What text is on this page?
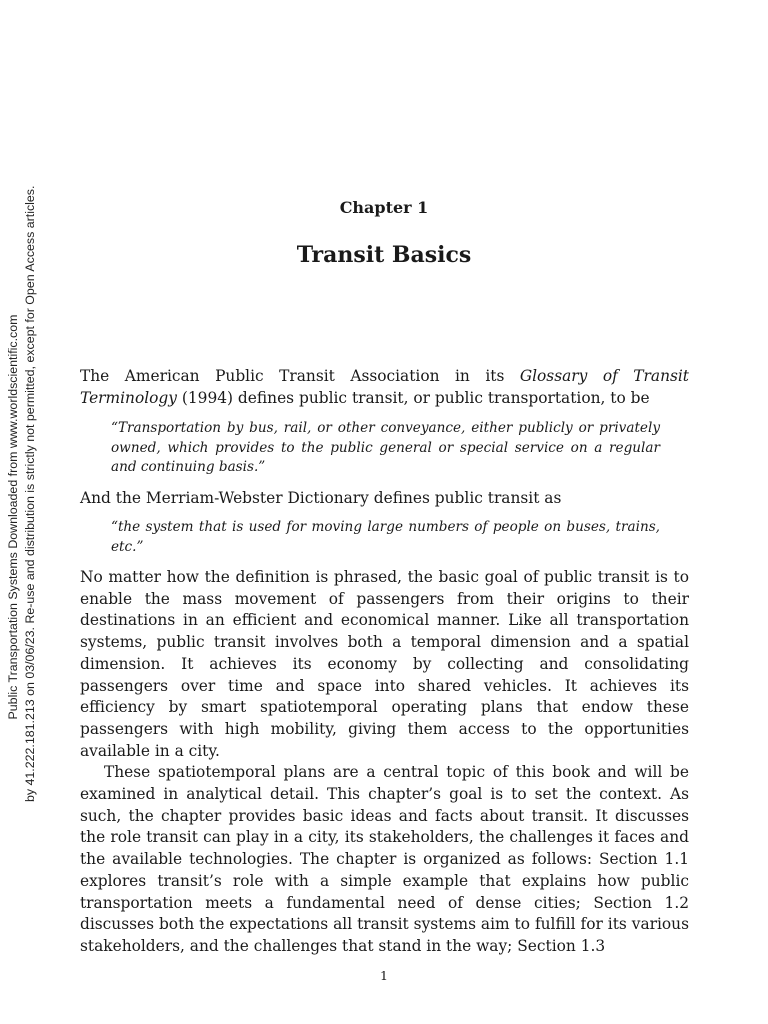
Public Transportation Systems Downloaded from www.worldscientific.com by 41.222.181.213 on 03/06/23. Re-use and distribution is strictly not permitted, except for Open Access articles.	Chapter 1
Transit Basics
The American Public Transit Association in its Glossary of Transit Terminology (1994) defines public transit, or public transportation, to be
“Transportation by bus, rail, or other conveyance, either publicly or privately owned, which provides to the public general or special service on a regular and continuing basis.”
And the Merriam-Webster Dictionary defines public transit as
“the system that is used for moving large numbers of people on buses, trains, etc.”

No matter how the definition is phrased, the basic goal of public transit is to enable the mass movement of passengers from their origins to their destinations in an efficient and economical manner. Like all transportation systems, public transit involves both a temporal dimension and a spatial dimension. It achieves its economy by collecting and consolidating passengers over time and space into shared vehicles. It achieves its efficiency by smart spatiotemporal operating plans that endow these passengers with high mobility, giving them access to the opportunities available in a city.

These spatiotemporal plans are a central topic of this book and will be examined in analytical detail. This chapter’s goal is to set the context. As such, the chapter provides basic ideas and facts about transit. It discusses the role transit can play in a city, its stakeholders, the challenges it faces and the available technologies. The chapter is organized as follows: Section 1.1 explores transit’s role with a simple example that explains how public transportation meets a fundamental need of dense cities; Section 1.2 discusses both the expectations all transit systems aim to fulfill for its various stakeholders, and the challenges that stand in the way; Section 1.3

1
